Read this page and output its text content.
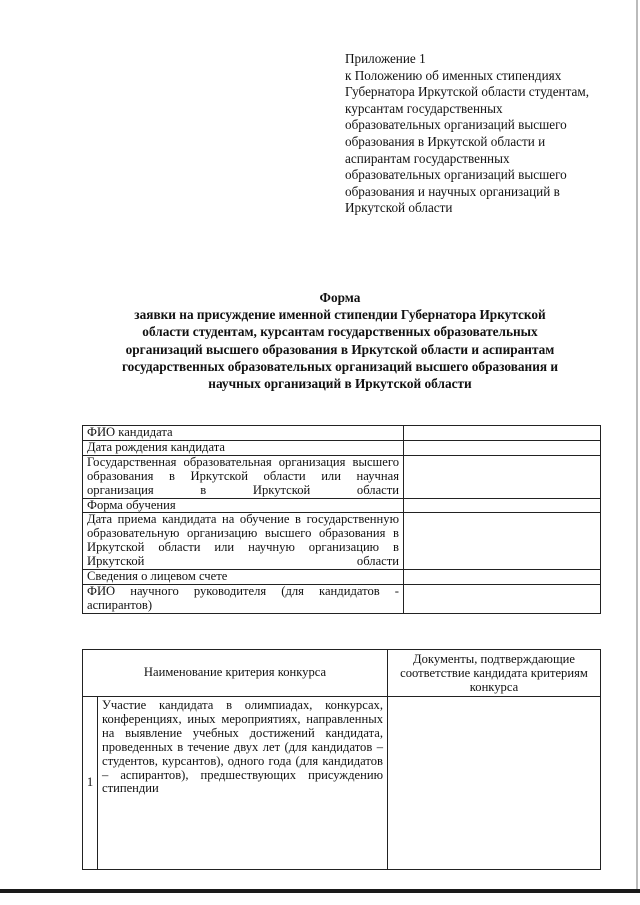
Приложение 1
к Положению об именных стипендиях Губернатора Иркутской области студентам, курсантам государственных образовательных организаций высшего образования в Иркутской области и аспирантам государственных образовательных организаций высшего образования и научных организаций в Иркутской области

Форма
заявки на присуждение именной стипендии Губернатора Иркутской
области студентам, курсантам государственных образовательных
организаций высшего образования в Иркутской области и аспирантам
государственных образовательных организаций высшего образования и
научных организаций в Иркутской области
ФИО кандидата	
Дата рождения кандидата	
Государственная образовательная организация высшего образования в Иркутской области или научная организация в Иркутской области	
Форма обучения	
Дата приема кандидата на обучение в государственную образовательную организацию высшего образования в Иркутской области или научную организацию в Иркутской области	
Сведения о лицевом счете	
ФИО научного руководителя (для кандидатов - аспирантов)	
Наименование критерия конкурса		Документы, подтверждающие соответствие кандидата критериям конкурса
1	Участие кандидата в олимпиадах, конкурсах, конференциях, иных мероприятиях, направленных на выявление учебных достижений кандидата, проведенных в течение двух лет (для кандидатов – студентов, курсантов), одного года (для кандидатов – аспирантов), предшествующих присуждению стипендии	
